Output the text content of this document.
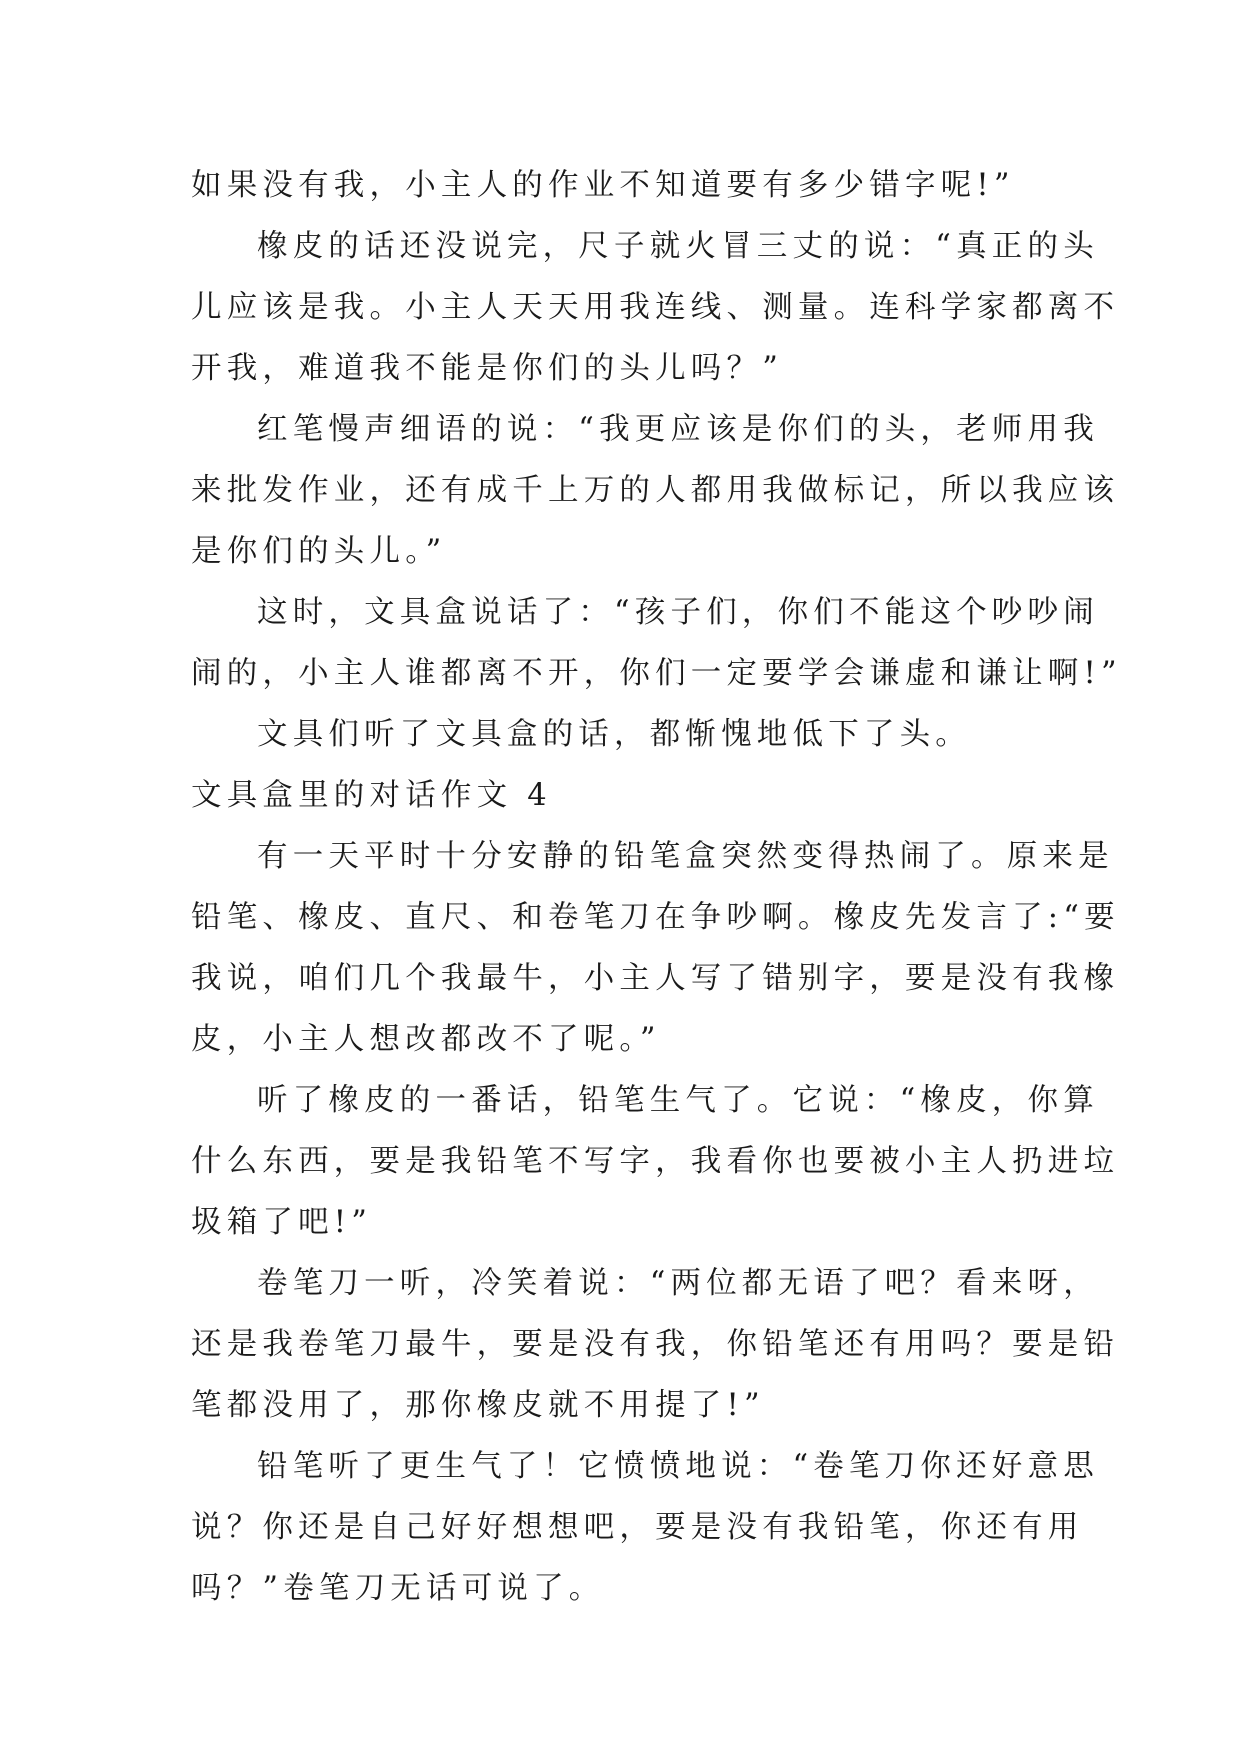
如果没有我，小主人的作业不知道要有多少错字呢!”
橡皮的话还没说完，尺子就火冒三丈的说：“真正的头
儿应该是我。小主人天天用我连线、测量。连科学家都离不
开我，难道我不能是你们的头儿吗？”
红笔慢声细语的说：“我更应该是你们的头，老师用我
来批发作业，还有成千上万的人都用我做标记，所以我应该
是你们的头儿。”
这时，文具盒说话了：“孩子们，你们不能这个吵吵闹
闹的，小主人谁都离不开，你们一定要学会谦虚和谦让啊!”
文具们听了文具盒的话，都惭愧地低下了头。
文具盒里的对话作文 4
有一天平时十分安静的铅笔盒突然变得热闹了。原来是
铅笔、橡皮、直尺、和卷笔刀在争吵啊。橡皮先发言了:“要
我说，咱们几个我最牛，小主人写了错别字，要是没有我橡
皮，小主人想改都改不了呢。”
听了橡皮的一番话，铅笔生气了。它说：“橡皮，你算
什么东西，要是我铅笔不写字，我看你也要被小主人扔进垃
圾箱了吧!”
卷笔刀一听，冷笑着说：“两位都无语了吧？看来呀，
还是我卷笔刀最牛，要是没有我，你铅笔还有用吗？要是铅
笔都没用了，那你橡皮就不用提了!”
铅笔听了更生气了！它愤愤地说：“卷笔刀你还好意思
说？你还是自己好好想想吧，要是没有我铅笔，你还有用
吗？”卷笔刀无话可说了。
